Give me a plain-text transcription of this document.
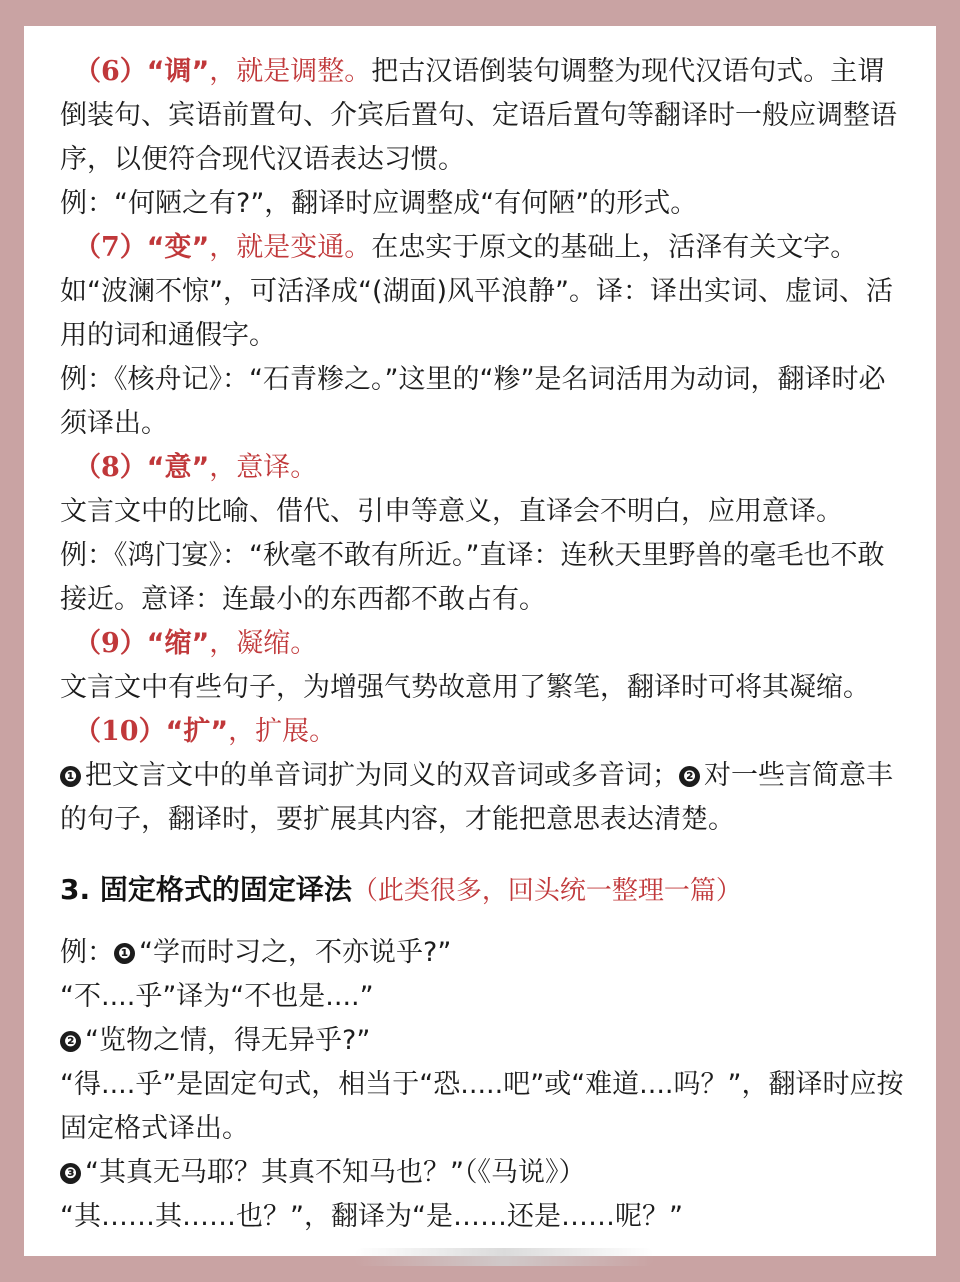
（6）“调”，就是调整。把古汉语倒装句调整为现代汉语句式。主谓倒装句、宾语前置句、介宾后置句、定语后置句等翻译时一般应调整语序，以便符合现代汉语表达习惯。

例：“何陋之有?”，翻译时应调整成“有何陋”的形式。

（7）“变”，就是变通。在忠实于原文的基础上，活泽有关文字。如“波澜不惊”，可活泽成“(湖面)风平浪静”。译：译出实词、虚词、活用的词和通假字。

例：《核舟记》：“石青糁之。”这里的“糁”是名词活用为动词，翻译时必须译出。

（8）“意”，意译。

文言文中的比喻、借代、引申等意义，直译会不明白，应用意译。

例：《鸿门宴》：“秋毫不敢有所近。”直译：连秋天里野兽的毫毛也不敢接近。意译：连最小的东西都不敢占有。

（9）“缩”，凝缩。

文言文中有些句子，为增强气势故意用了繁笔，翻译时可将其凝缩。

（10）“扩”，扩展。

❶ 把文言文中的单音词扩为同义的双音词或多音词； ❷ 对一些言简意丰的句子，翻译时，要扩展其内容，才能把意思表达清楚。

3. 固定格式的固定译法（此类很多，回头统一整理一篇）

例： ❶ “学而时习之，不亦说乎?”

“不....乎”译为“不也是....”

❷ “览物之情，得无异乎?”

“得....乎”是固定句式，相当于“恐.....吧”或“难道....吗？”，翻译时应按固定格式译出。

❸ “其真无马耶？其真不知马也？”（《马说》）

“其……其……也？”，翻译为“是……还是……呢？”
